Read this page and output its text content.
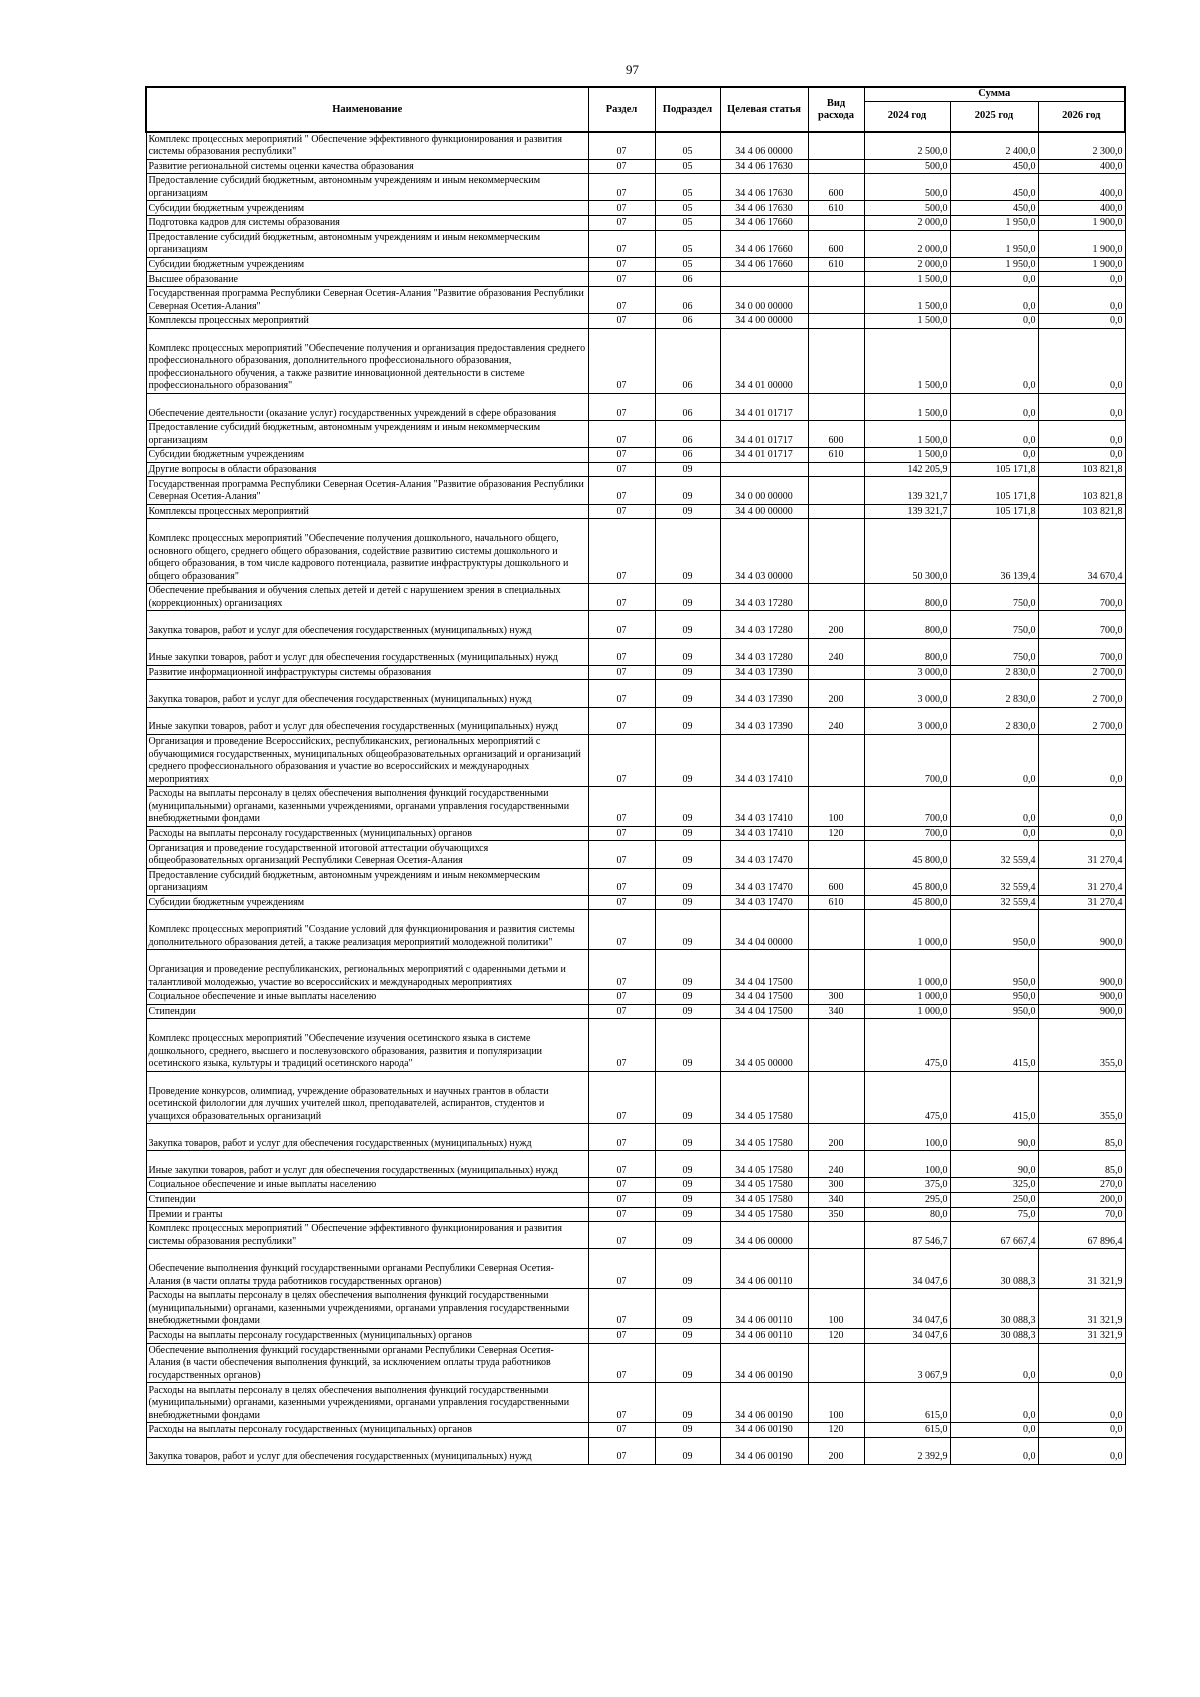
97
Наименование	Раздел	Подраздел	Целевая статья	Вид расхода	Сумма		
					2024 год	2025 год	2026 год
Комплекс процессных мероприятий " Обеспечение эффективного функционирования и развития системы образования республики"	07	05	34 4 06 00000		2 500,0	2 400,0	2 300,0
Развитие региональной системы оценки качества образования	07	05	34 4 06 17630		500,0	450,0	400,0
Предоставление субсидий бюджетным, автономным учреждениям и иным некоммерческим организациям	07	05	34 4 06 17630	600	500,0	450,0	400,0
Субсидии бюджетным учреждениям	07	05	34 4 06 17630	610	500,0	450,0	400,0
Подготовка кадров для системы образования	07	05	34 4 06 17660		2 000,0	1 950,0	1 900,0
Предоставление субсидий бюджетным, автономным учреждениям и иным некоммерческим организациям	07	05	34 4 06 17660	600	2 000,0	1 950,0	1 900,0
Субсидии бюджетным учреждениям	07	05	34 4 06 17660	610	2 000,0	1 950,0	1 900,0
Высшее образование	07	06			1 500,0	0,0	0,0
Государственная программа Республики Северная Осетия-Алания "Развитие образования Республики Северная Осетия-Алания"	07	06	34 0 00 00000		1 500,0	0,0	0,0
Комплексы процессных мероприятий	07	06	34 4 00 00000		1 500,0	0,0	0,0
Комплекс процессных мероприятий "Обеспечение получения и организация предоставления среднего профессионального образования, дополнительного профессионального образования, профессионального обучения, а также развитие инновационной деятельности в системе профессионального образования"	07	06	34 4 01 00000		1 500,0	0,0	0,0
Обеспечение деятельности (оказание услуг) государственных учреждений в сфере образования	07	06	34 4 01 01717		1 500,0	0,0	0,0
Предоставление субсидий бюджетным, автономным учреждениям и иным некоммерческим организациям	07	06	34 4 01 01717	600	1 500,0	0,0	0,0
Субсидии бюджетным учреждениям	07	06	34 4 01 01717	610	1 500,0	0,0	0,0
Другие вопросы в области образования	07	09			142 205,9	105 171,8	103 821,8
Государственная программа Республики Северная Осетия-Алания "Развитие образования Республики Северная Осетия-Алания"	07	09	34 0 00 00000		139 321,7	105 171,8	103 821,8
Комплексы процессных мероприятий	07	09	34 4 00 00000		139 321,7	105 171,8	103 821,8
Комплекс процессных мероприятий "Обеспечение получения дошкольного, начального общего, основного общего, среднего общего образования, содействие развитию системы дошкольного и общего образования, в том числе кадрового потенциала, развитие инфраструктуры дошкольного и общего образования"	07	09	34 4 03 00000		50 300,0	36 139,4	34 670,4
Обеспечение пребывания и обучения слепых детей и детей с нарушением зрения в специальных (коррекционных) организациях	07	09	34 4 03 17280		800,0	750,0	700,0
Закупка товаров, работ и услуг для обеспечения государственных (муниципальных) нужд	07	09	34 4 03 17280	200	800,0	750,0	700,0
Иные закупки товаров, работ и услуг для обеспечения государственных (муниципальных) нужд	07	09	34 4 03 17280	240	800,0	750,0	700,0
Развитие информационной инфраструктуры системы образования	07	09	34 4 03 17390		3 000,0	2 830,0	2 700,0
Закупка товаров, работ и услуг для обеспечения государственных (муниципальных) нужд	07	09	34 4 03 17390	200	3 000,0	2 830,0	2 700,0
Иные закупки товаров, работ и услуг для обеспечения государственных (муниципальных) нужд	07	09	34 4 03 17390	240	3 000,0	2 830,0	2 700,0
Организация и проведение Всероссийских, республиканских, региональных мероприятий с обучающимися государственных, муниципальных общеобразовательных организаций и организаций среднего профессионального образования и участие во всероссийских и международных мероприятиях	07	09	34 4 03 17410		700,0	0,0	0,0
Расходы на выплаты персоналу в целях обеспечения выполнения функций государственными (муниципальными) органами, казенными учреждениями, органами управления государственными внебюджетными фондами	07	09	34 4 03 17410	100	700,0	0,0	0,0
Расходы на выплаты персоналу государственных (муниципальных) органов	07	09	34 4 03 17410	120	700,0	0,0	0,0
Организация и проведение государственной итоговой аттестации обучающихся общеобразовательных организаций Республики Северная Осетия-Алания	07	09	34 4 03 17470		45 800,0	32 559,4	31 270,4
Предоставление субсидий бюджетным, автономным учреждениям и иным некоммерческим организациям	07	09	34 4 03 17470	600	45 800,0	32 559,4	31 270,4
Субсидии бюджетным учреждениям	07	09	34 4 03 17470	610	45 800,0	32 559,4	31 270,4
Комплекс процессных мероприятий "Создание условий для функционирования и развития системы дополнительного образования детей, а также реализация мероприятий молодежной политики"	07	09	34 4 04 00000		1 000,0	950,0	900,0
Организация и проведение республиканских, региональных мероприятий с одаренными детьми и талантливой молодежью, участие во всероссийских и международных мероприятиях	07	09	34 4 04 17500		1 000,0	950,0	900,0
Социальное обеспечение и иные выплаты населению	07	09	34 4 04 17500	300	1 000,0	950,0	900,0
Стипендии	07	09	34 4 04 17500	340	1 000,0	950,0	900,0
Комплекс процессных мероприятий "Обеспечение изучения осетинского языка в системе дошкольного, среднего, высшего и послевузовского образования, развития и популяризации осетинского языка, культуры и традиций осетинского народа"	07	09	34 4 05 00000		475,0	415,0	355,0
Проведение конкурсов, олимпиад, учреждение образовательных и научных грантов в области осетинской филологии для лучших учителей школ, преподавателей, аспирантов, студентов и учащихся образовательных организаций	07	09	34 4 05 17580		475,0	415,0	355,0
Закупка товаров, работ и услуг для обеспечения государственных (муниципальных) нужд	07	09	34 4 05 17580	200	100,0	90,0	85,0
Иные закупки товаров, работ и услуг для обеспечения государственных (муниципальных) нужд	07	09	34 4 05 17580	240	100,0	90,0	85,0
Социальное обеспечение и иные выплаты населению	07	09	34 4 05 17580	300	375,0	325,0	270,0
Стипендии	07	09	34 4 05 17580	340	295,0	250,0	200,0
Премии и гранты	07	09	34 4 05 17580	350	80,0	75,0	70,0
Комплекс процессных мероприятий " Обеспечение эффективного функционирования и развития системы образования республики"	07	09	34 4 06 00000		87 546,7	67 667,4	67 896,4
Обеспечение выполнения функций государственными органами Республики Северная Осетия-Алания (в части оплаты труда работников государственных органов)	07	09	34 4 06 00110		34 047,6	30 088,3	31 321,9
Расходы на выплаты персоналу в целях обеспечения выполнения функций государственными (муниципальными) органами, казенными учреждениями, органами управления государственными внебюджетными фондами	07	09	34 4 06 00110	100	34 047,6	30 088,3	31 321,9
Расходы на выплаты персоналу государственных (муниципальных) органов	07	09	34 4 06 00110	120	34 047,6	30 088,3	31 321,9
Обеспечение выполнения функций государственными органами Республики Северная Осетия-Алания (в части обеспечения выполнения функций, за исключением оплаты труда работников государственных органов)	07	09	34 4 06 00190		3 067,9	0,0	0,0
Расходы на выплаты персоналу в целях обеспечения выполнения функций государственными (муниципальными) органами, казенными учреждениями, органами управления государственными внебюджетными фондами	07	09	34 4 06 00190	100	615,0	0,0	0,0
Расходы на выплаты персоналу государственных (муниципальных) органов	07	09	34 4 06 00190	120	615,0	0,0	0,0
Закупка товаров, работ и услуг для обеспечения государственных (муниципальных) нужд	07	09	34 4 06 00190	200	2 392,9	0,0	0,0
